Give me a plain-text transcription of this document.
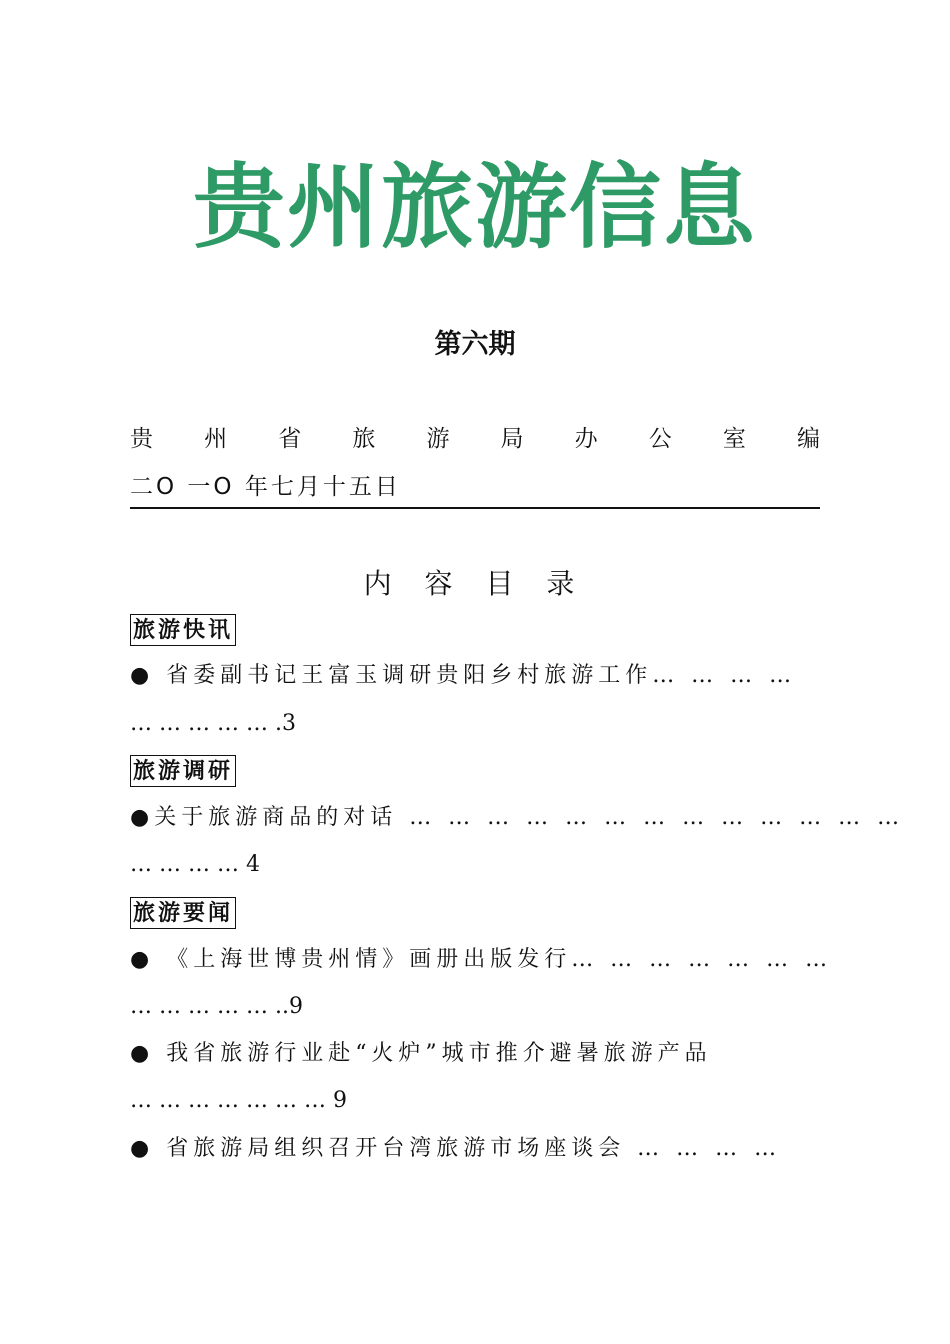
贵州旅游信息
第六期
贵 州 省 旅 游 局 办 公 室 编
二O 一O 年七月十五日
内 容 目 录
旅游快讯
● 省委副书记王富玉调研贵阳乡村旅游工作… … … …
… … … … … .3
旅游调研
●关于旅游商品的对话 … … … … … … … … … … … … …
… … … … 4
旅游要闻
● 《上海世博贵州情》画册出版发行… … … … … … …
… … … … … ..9
● 我省旅游行业赴“火炉”城市推介避暑旅游产品
… … … … … … … 9
● 省旅游局组织召开台湾旅游市场座谈会 … … … …
